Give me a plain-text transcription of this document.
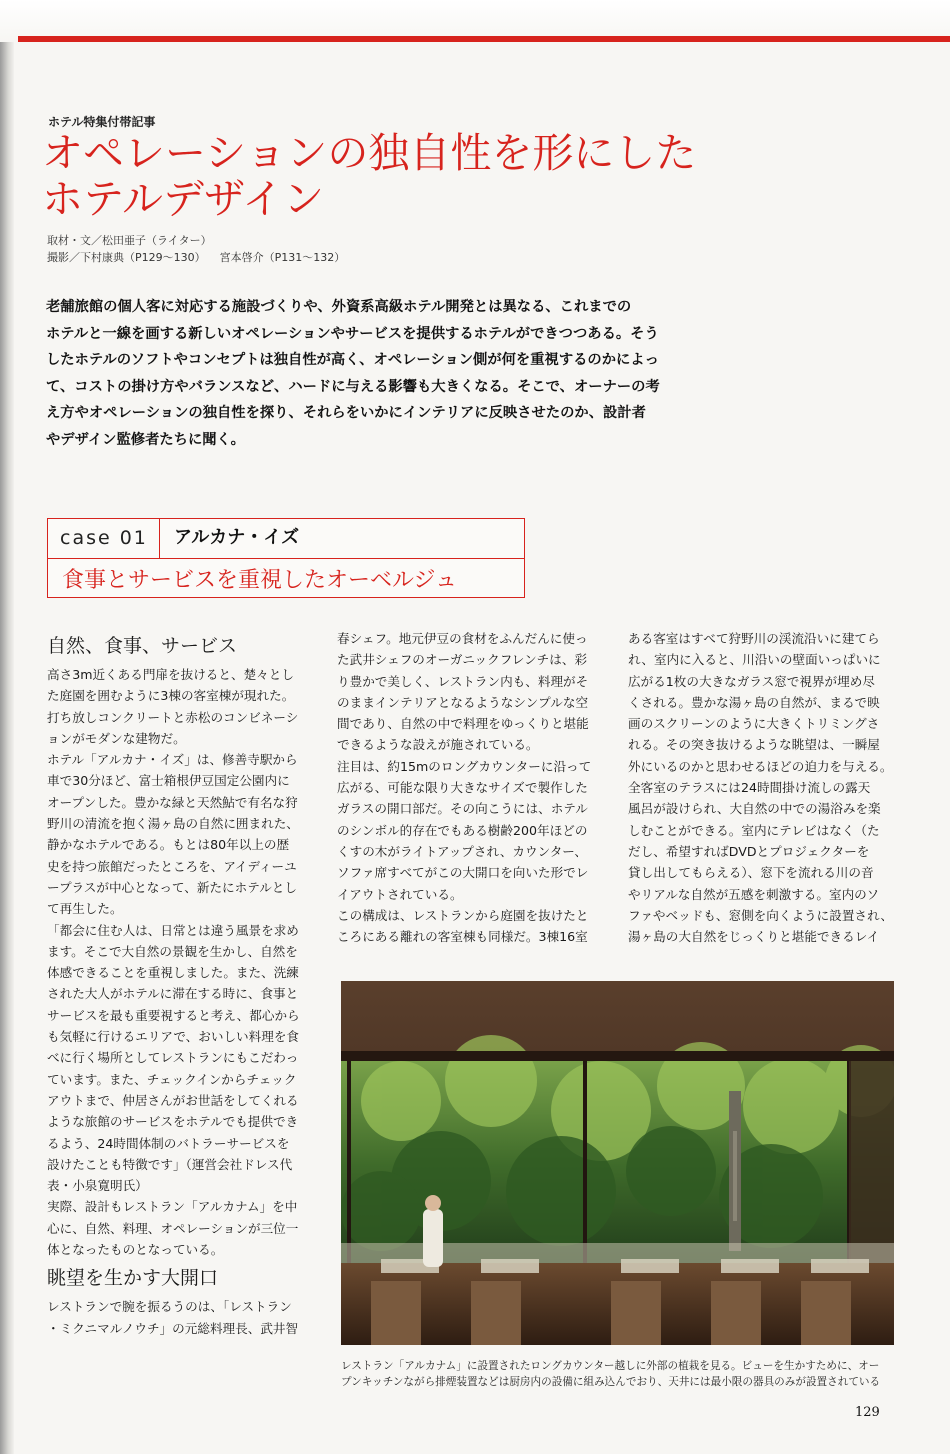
ホテル特集付帯記事
オペレーションの独自性を形にした
ホテルデザイン
取材・文／松田亜子（ライター）
撮影／下村康典（P129～130） 宮本啓介（P131～132）
老舗旅館の個人客に対応する施設づくりや、外資系高級ホテル開発とは異なる、これまでの
ホテルと一線を画する新しいオペレーションやサービスを提供するホテルができつつある。そう
したホテルのソフトやコンセプトは独自性が高く、オペレーション側が何を重視するのかによっ
て、コストの掛け方やバランスなど、ハードに与える影響も大きくなる。そこで、オーナーの考
え方やオペレーションの独自性を探り、それらをいかにインテリアに反映させたのか、設計者
やデザイン監修者たちに聞く。
case 01	アルカナ・イズ
食事とサービスを重視したオーベルジュ
自然、食事、サービス
高さ3m近くある門扉を抜けると、楚々とし
た庭園を囲むように3棟の客室棟が現れた。
打ち放しコンクリートと赤松のコンビネーシ
ョンがモダンな建物だ。
ホテル「アルカナ・イズ」は、修善寺駅から
車で30分ほど、富士箱根伊豆国定公園内に
オープンした。豊かな緑と天然鮎で有名な狩
野川の清流を抱く湯ヶ島の自然に囲まれた、
静かなホテルである。もとは80年以上の歴
史を持つ旅館だったところを、アイディーユ
ープラスが中心となって、新たにホテルとし
て再生した。
「都会に住む人は、日常とは違う風景を求め
ます。そこで大自然の景観を生かし、自然を
体感できることを重視しました。また、洗練
された大人がホテルに滞在する時に、食事と
サービスを最も重要視すると考え、都心から
も気軽に行けるエリアで、おいしい料理を食
べに行く場所としてレストランにもこだわっ
ています。また、チェックインからチェック
アウトまで、仲居さんがお世話をしてくれる
ような旅館のサービスをホテルでも提供でき
るよう、24時間体制のバトラーサービスを
設けたことも特徴です」（運営会社ドレス代
表・小泉寛明氏）
実際、設計もレストラン「アルカナム」を中
心に、自然、料理、オペレーションが三位一
体となったものとなっている。
眺望を生かす大開口
レストランで腕を振るうのは、「レストラン
・ミクニマルノウチ」の元総料理長、武井智
春シェフ。地元伊豆の食材をふんだんに使っ
た武井シェフのオーガニックフレンチは、彩
り豊かで美しく、レストラン内も、料理がそ
のままインテリアとなるようなシンプルな空
間であり、自然の中で料理をゆっくりと堪能
できるような設えが施されている。
注目は、約15mのロングカウンターに沿って
広がる、可能な限り大きなサイズで製作した
ガラスの開口部だ。その向こうには、ホテル
のシンボル的存在でもある樹齢200年ほどの
くすの木がライトアップされ、カウンター、
ソファ席すべてがこの大開口を向いた形でレ
イアウトされている。
この構成は、レストランから庭園を抜けたと
ころにある離れの客室棟も同様だ。3棟16室
ある客室はすべて狩野川の渓流沿いに建てら
れ、室内に入ると、川沿いの壁面いっぱいに
広がる1枚の大きなガラス窓で視界が埋め尽
くされる。豊かな湯ヶ島の自然が、まるで映
画のスクリーンのように大きくトリミングさ
れる。その突き抜けるような眺望は、一瞬屋
外にいるのかと思わせるほどの迫力を与える。
全客室のテラスには24時間掛け流しの露天
風呂が設けられ、大自然の中での湯浴みを楽
しむことができる。室内にテレビはなく（た
だし、希望すればDVDとプロジェクターを
貸し出してもらえる）、窓下を流れる川の音
やリアルな自然が五感を刺激する。室内のソ
ファやベッドも、窓側を向くように設置され、
湯ヶ島の大自然をじっくりと堪能できるレイ
レストラン「アルカナム」に設置されたロングカウンター越しに外部の植栽を見る。ビューを生かすために、オー
プンキッチンながら排煙装置などは厨房内の設備に組み込んでおり、天井には最小限の器具のみが設置されている
129
